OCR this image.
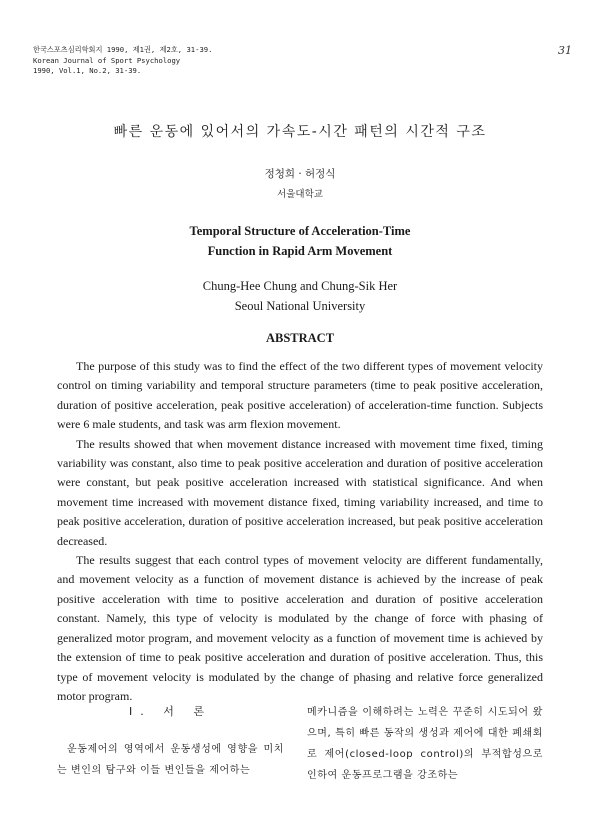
한국스포츠심리학회지 1990, 제1권, 제2호, 31-39.
Korean Journal of Sport Psychology
1990, Vol.1, No.2, 31-39.
31
빠른 운동에 있어서의 가속도-시간 패턴의 시간적 구조
정청희 · 허정식
서울대학교
Temporal Structure of Acceleration-Time
Function in Rapid Arm Movement
Chung-Hee Chung and Chung-Sik Her
Seoul National University
ABSTRACT

The purpose of this study was to find the effect of the two different types of movement velocity control on timing variability and temporal structure parameters (time to peak positive acceleration, duration of positive acceleration, peak positive acceleration) of acceleration-time function. Subjects were 6 male students, and task was arm flexion movement.

The results showed that when movement distance increased with movement time fixed, timing variability was constant, also time to peak positive acceleration and duration of positive acceleration were constant, but peak positive acceleration increased with statistical significance. And when movement time increased with movement distance fixed, timing variability increased, and time to peak positive acceleration, duration of positive acceleration increased, but peak positive acceleration decreased.

The results suggest that each control types of movement velocity are different fundamentally, and movement velocity as a function of movement distance is achieved by the increase of peak positive acceleration with time to positive acceleration and duration of positive acceleration constant. Namely, this type of velocity is modulated by the change of force with phasing of generalized motor program, and movement velocity as a function of movement time is achieved by the extension of time to peak positive acceleration and duration of positive acceleration. Thus, this type of movement velocity is modulated by the change of phasing and relative force generalized motor program.

Ⅰ. 서 론

운동제어의 영역에서 운동생성에 영향을 미치는 변인의 탐구와 이들 변인들을 제어하는

메카니즘을 이해하려는 노력은 꾸준히 시도되어 왔으며, 특히 빠른 동작의 생성과 제어에 대한 폐쇄회로 제어(closed-loop control)의 부적합성으로 인하여 운동프로그램을 강조하는
